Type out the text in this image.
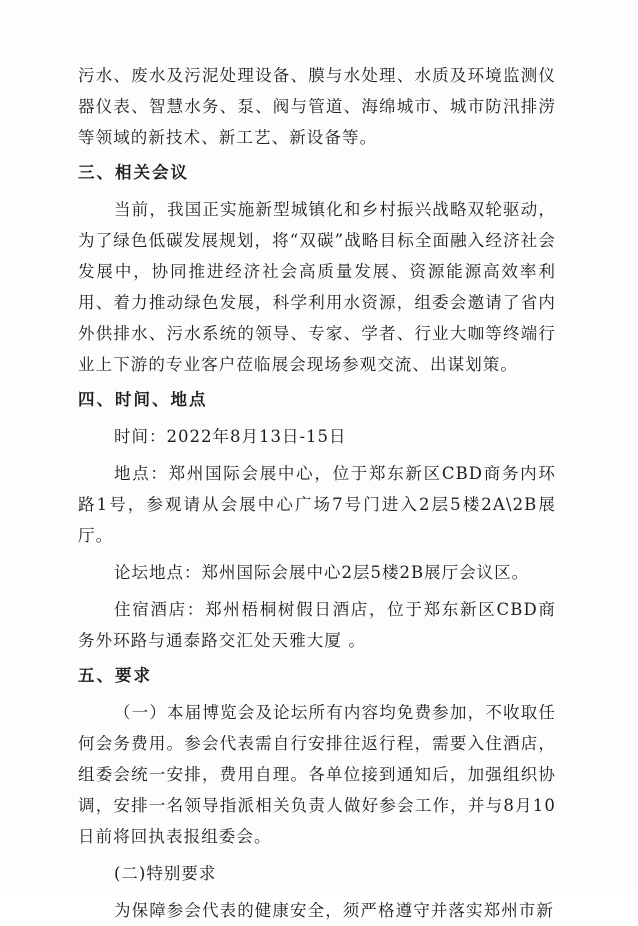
污水、废水及污泥处理设备、膜与水处理、水质及环境监测仪器仪表、智慧水务、泵、阀与管道、海绵城市、城市防汛排涝等领域的新技术、新工艺、新设备等。

三、相关会议

当前，我国正实施新型城镇化和乡村振兴战略双轮驱动，为了绿色低碳发展规划，将“双碳”战略目标全面融入经济社会发展中，协同推进经济社会高质量发展、资源能源高效率利用、着力推动绿色发展，科学利用水资源，组委会邀请了省内外供排水、污水系统的领导、专家、学者、行业大咖等终端行业上下游的专业客户莅临展会现场参观交流、出谋划策。

四、时间、地点

时间：2022年8月13日-15日

地点：郑州国际会展中心，位于郑东新区CBD商务内环路1号，参观请从会展中心广场7号门进入2层5楼2A\2B展厅。

论坛地点：郑州国际会展中心2层5楼2B展厅会议区。

住宿酒店：郑州梧桐树假日酒店，位于郑东新区CBD商务外环路与通泰路交汇处天雅大厦 。

五、要求

（一）本届博览会及论坛所有内容均免费参加，不收取任何会务费用。参会代表需自行安排往返行程，需要入住酒店，组委会统一安排，费用自理。各单位接到通知后，加强组织协调，安排一名领导指派相关负责人做好参会工作，并与8月10日前将回执表报组委会。

(二)特别要求

为保障参会代表的健康安全，须严格遵守并落实郑州市新
